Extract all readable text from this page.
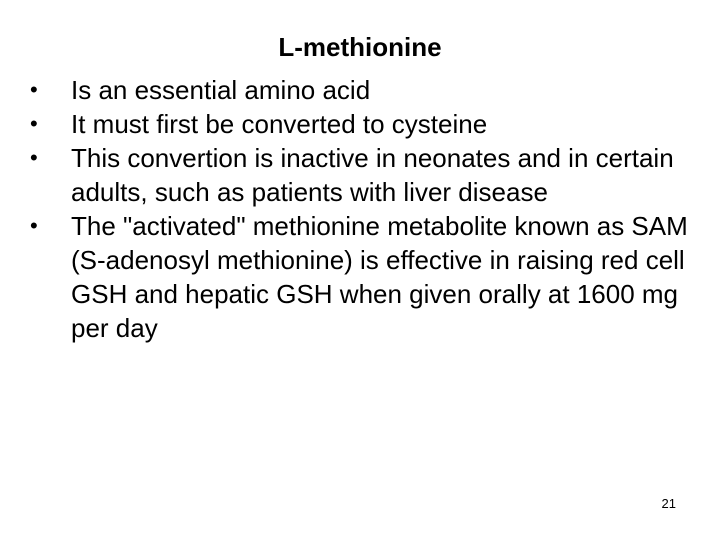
L-methionine
•	Is an essential amino acid
•	It must first be converted to cysteine
•	This convertion is inactive in neonates and in certain adults, such as patients with liver disease
•	The "activated" methionine metabolite known as SAM (S-adenosyl methionine) is effective in raising red cell GSH and hepatic GSH when given orally at 1600 mg per day
21
